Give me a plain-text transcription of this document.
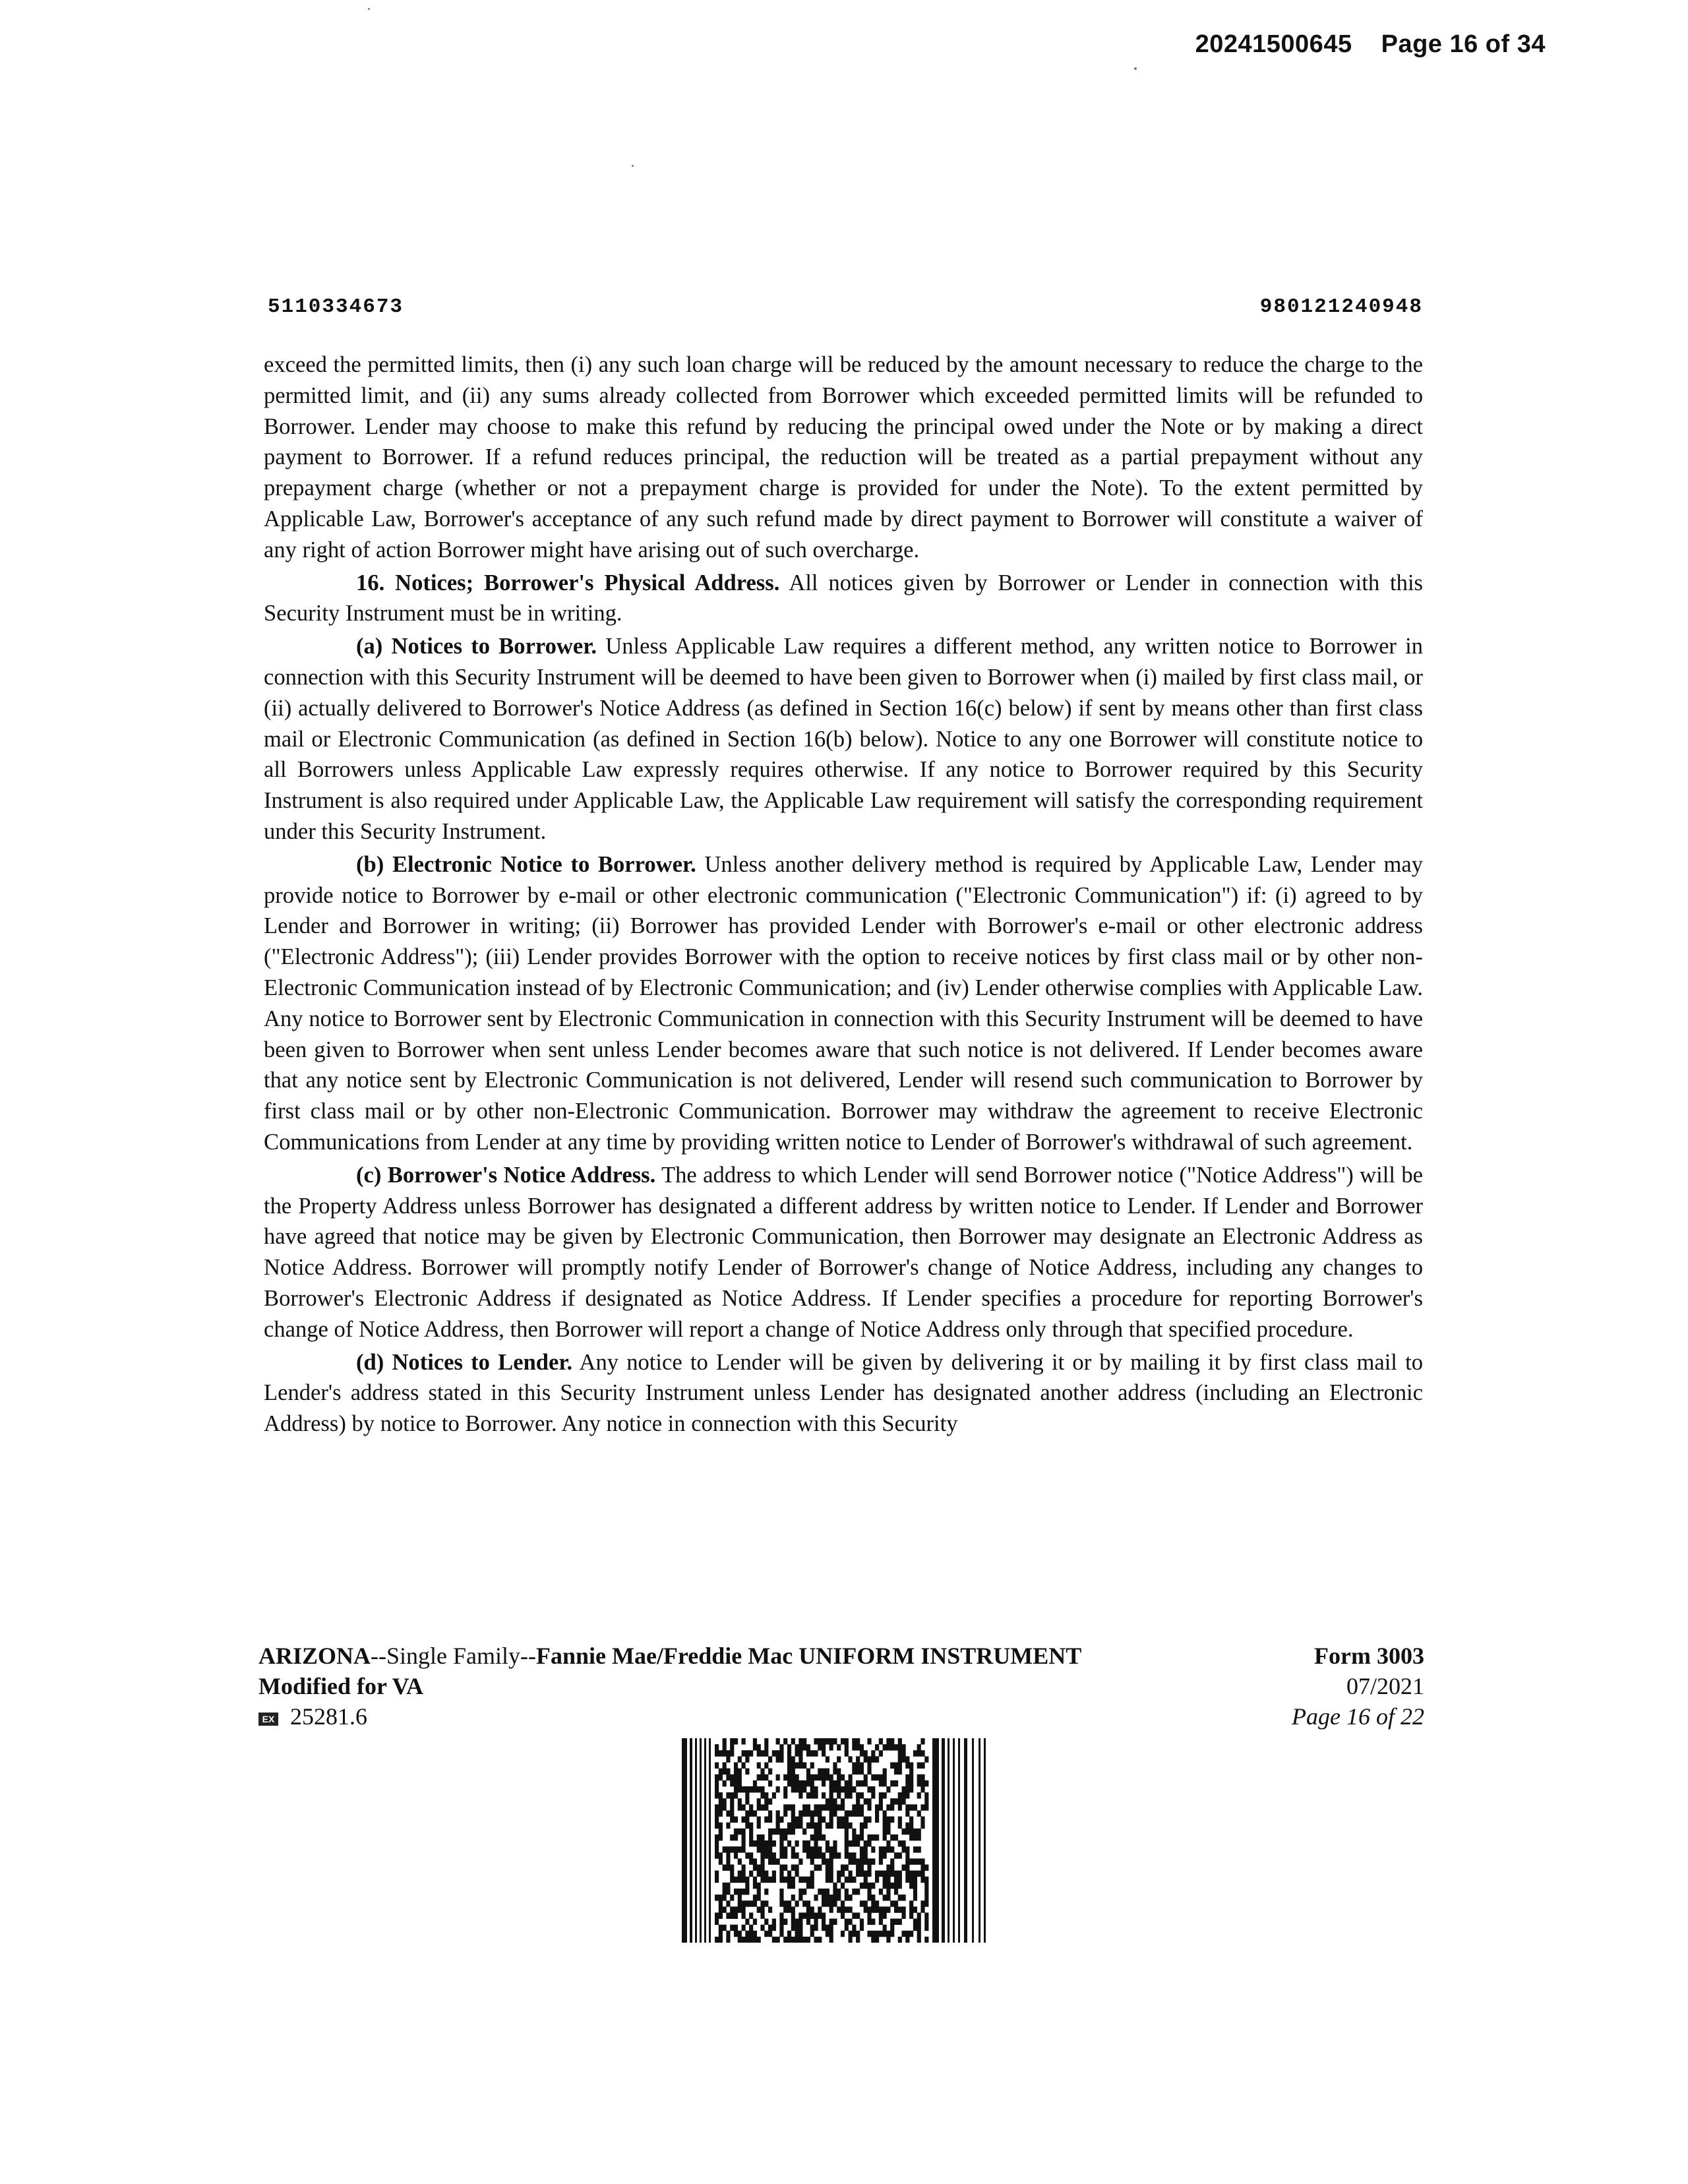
20241500645 Page 16 of 34
5110334673	980121240948

exceed the permitted limits, then (i) any such loan charge will be reduced by the amount necessary to reduce the charge to the permitted limit, and (ii) any sums already collected from Borrower which exceeded permitted limits will be refunded to Borrower. Lender may choose to make this refund by reducing the principal owed under the Note or by making a direct payment to Borrower. If a refund reduces principal, the reduction will be treated as a partial prepayment without any prepayment charge (whether or not a prepayment charge is provided for under the Note). To the extent permitted by Applicable Law, Borrower's acceptance of any such refund made by direct payment to Borrower will constitute a waiver of any right of action Borrower might have arising out of such overcharge.

16. Notices; Borrower's Physical Address. All notices given by Borrower or Lender in connection with this Security Instrument must be in writing.

(a) Notices to Borrower. Unless Applicable Law requires a different method, any written notice to Borrower in connection with this Security Instrument will be deemed to have been given to Borrower when (i) mailed by first class mail, or (ii) actually delivered to Borrower's Notice Address (as defined in Section 16(c) below) if sent by means other than first class mail or Electronic Communication (as defined in Section 16(b) below). Notice to any one Borrower will constitute notice to all Borrowers unless Applicable Law expressly requires otherwise. If any notice to Borrower required by this Security Instrument is also required under Applicable Law, the Applicable Law requirement will satisfy the corresponding requirement under this Security Instrument.

(b) Electronic Notice to Borrower. Unless another delivery method is required by Applicable Law, Lender may provide notice to Borrower by e-mail or other electronic communication ("Electronic Communication") if: (i) agreed to by Lender and Borrower in writing; (ii) Borrower has provided Lender with Borrower's e-mail or other electronic address ("Electronic Address"); (iii) Lender provides Borrower with the option to receive notices by first class mail or by other non-Electronic Communication instead of by Electronic Communication; and (iv) Lender otherwise complies with Applicable Law. Any notice to Borrower sent by Electronic Communication in connection with this Security Instrument will be deemed to have been given to Borrower when sent unless Lender becomes aware that such notice is not delivered. If Lender becomes aware that any notice sent by Electronic Communication is not delivered, Lender will resend such communication to Borrower by first class mail or by other non-Electronic Communication. Borrower may withdraw the agreement to receive Electronic Communications from Lender at any time by providing written notice to Lender of Borrower's withdrawal of such agreement.

(c) Borrower's Notice Address. The address to which Lender will send Borrower notice ("Notice Address") will be the Property Address unless Borrower has designated a different address by written notice to Lender. If Lender and Borrower have agreed that notice may be given by Electronic Communication, then Borrower may designate an Electronic Address as Notice Address. Borrower will promptly notify Lender of Borrower's change of Notice Address, including any changes to Borrower's Electronic Address if designated as Notice Address. If Lender specifies a procedure for reporting Borrower's change of Notice Address, then Borrower will report a change of Notice Address only through that specified procedure.

(d) Notices to Lender. Any notice to Lender will be given by delivering it or by mailing it by first class mail to Lender's address stated in this Security Instrument unless Lender has designated another address (including an Electronic Address) by notice to Borrower. Any notice in connection with this Security

ARIZONA--Single Family--Fannie Mae/Freddie Mac UNIFORM INSTRUMENT
Modified for VA
EX 25281.6
Form 3003
07/2021
Page 16 of 22
